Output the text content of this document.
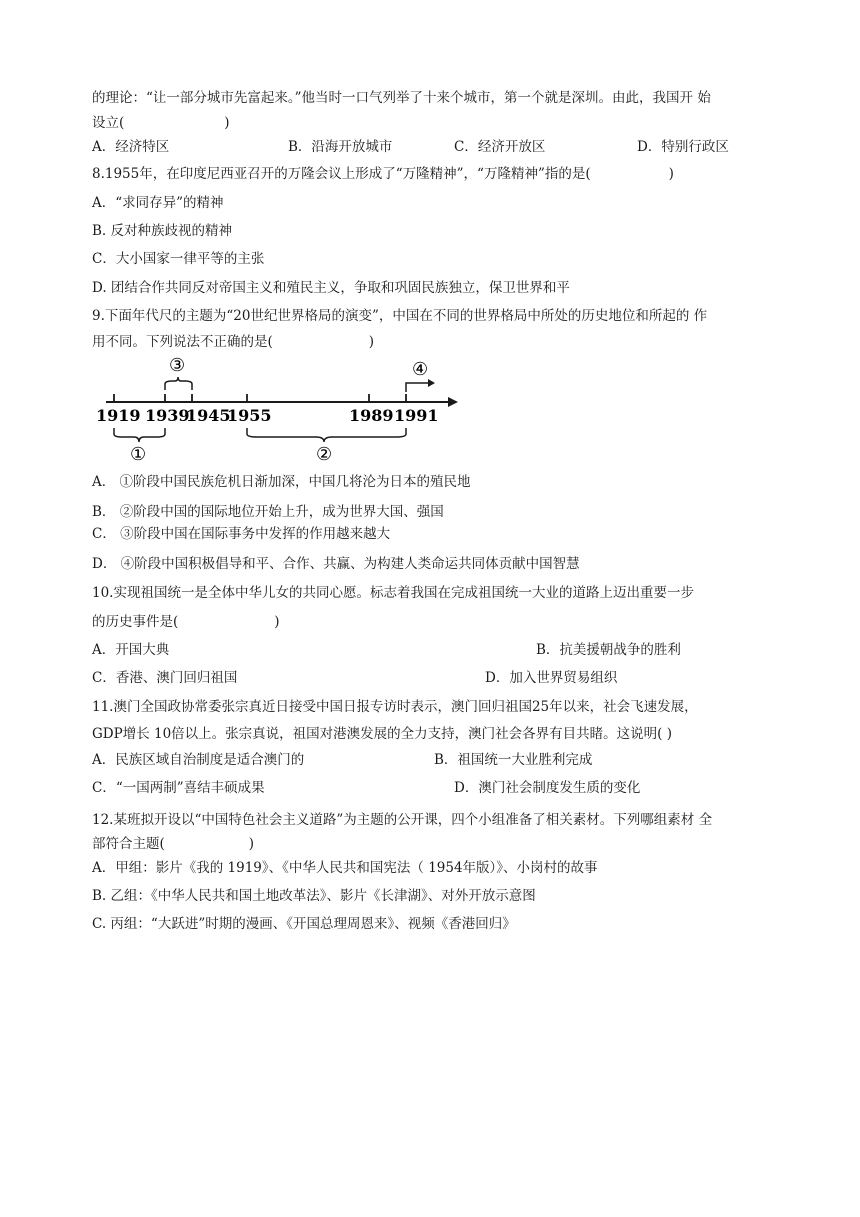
的理论：“让一部分城市先富起来。”他当时一口气列举了十来个城市，第一个就是深圳。由此，我国开 始
设立(	)
A．经济特区	B．沿海开放城市	C．经济开放区	D．特别行政区
8.1955年，在印度尼西亚召开的万隆会议上形成了“万隆精神”，“万隆精神”指的是(	)
A．“求同存异”的精神
B. 反对种族歧视的精神
C．大小国家一律平等的主张
D. 团结合作共同反对帝国主义和殖民主义，争取和巩固民族独立，保卫世界和平
9.下面年代尺的主题为“20世纪世界格局的演变”，中国在不同的世界格局中所处的历史地位和所起的 作
用不同。下列说法不正确的是(	)
1919 1939
1945
1955	1989 1991
③	④
①	②
A． ①阶段中国民族危机日渐加深，中国几将沦为日本的殖民地
B． ②阶段中国的国际地位开始上升，成为世界大国、强国
C． ③阶段中国在国际事务中发挥的作用越来越大
D． ④阶段中国积极倡导和平、合作、共赢、为构建人类命运共同体贡献中国智慧
10.实现祖国统一是全体中华儿女的共同心愿。标志着我国在完成祖国统一大业的道路上迈出重要一步
的历史事件是(	)
A．开国大典	B．抗美援朝战争的胜利
C．香港、澳门回归祖国	D．加入世界贸易组织
11.澳门全国政协常委张宗真近日接受中国日报专访时表示，澳门回归祖国25年以来，社会飞速发展，
GDP增长 10倍以上。张宗真说，祖国对港澳发展的全力支持，澳门社会各界有目共睹。这说明( )
A．民族区域自治制度是适合澳门的	B．祖国统一大业胜利完成
C．“一国两制”喜结丰硕成果	D．澳门社会制度发生质的变化
12.某班拟开设以“中国特色社会主义道路”为主题的公开课，四个小组准备了相关素材。下列哪组素材 全
部符合主题(	)
A．甲组：影片《我的 1919》、《中华人民共和国宪法（ 1954年版）》、小岗村的故事
B. 乙组：《中华人民共和国土地改革法》、影片《长津湖》、对外开放示意图
C. 丙组：“大跃进”时期的漫画、《开国总理周恩来》、视频《香港回归》
